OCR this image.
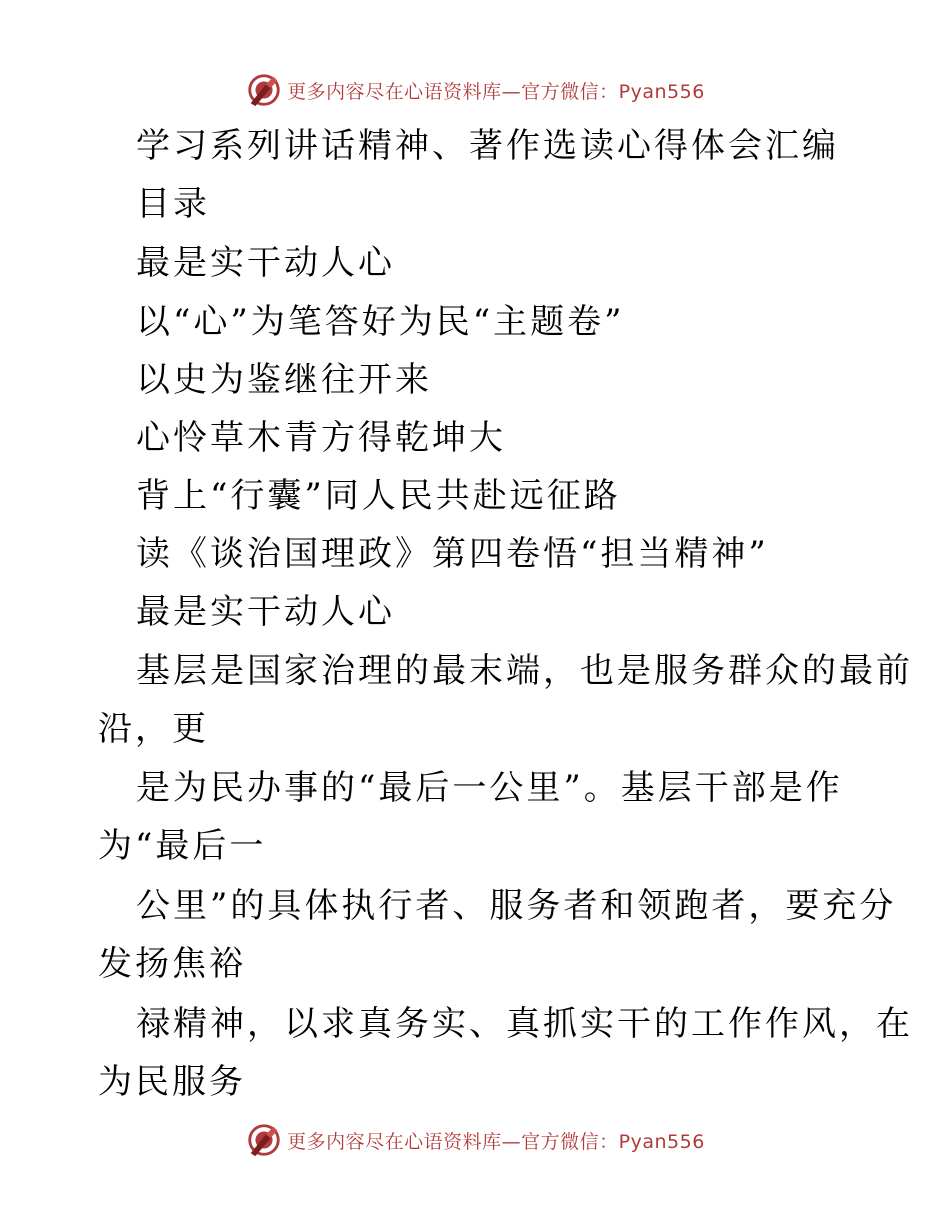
更多内容尽在心语资料库—官方微信：Pyan556
学习系列讲话精神、著作选读心得体会汇编
目录
最是实干动人心
以“心”为笔答好为民“主题卷”
以史为鉴继往开来
心怜草木青方得乾坤大
背上“行囊”同人民共赴远征路
读《谈治国理政》第四卷悟“担当精神”
最是实干动人心
基层是国家治理的最末端，也是服务群众的最前
沿，更
是为民办事的“最后一公里”。基层干部是作
为“最后一
公里”的具体执行者、服务者和领跑者，要充分
发扬焦裕
禄精神，以求真务实、真抓实干的工作作风，在
为民服务
更多内容尽在心语资料库—官方微信：Pyan556
